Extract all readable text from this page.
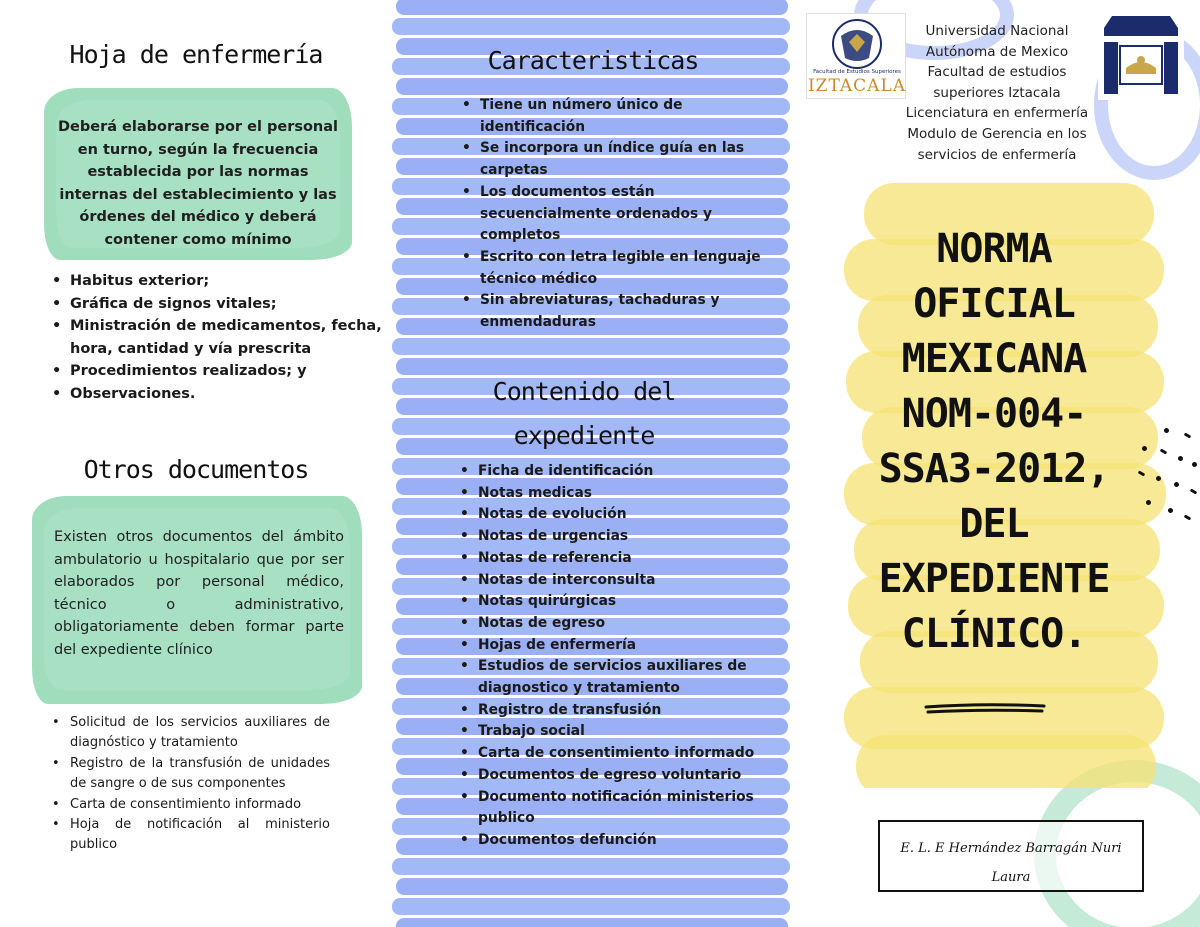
Hoja de enfermería

Deberá elaborarse por el personal en turno, según la frecuencia establecida por las normas internas del establecimiento y las órdenes del médico y deberá contener como mínimo

• Habitus exterior;
• Gráfica de signos vitales;
• Ministración de medicamentos, fecha, hora, cantidad y vía prescrita
• Procedimientos realizados; y
• Observaciones.
Otros documentos

Existen otros documentos del ámbito ambulatorio u hospitalario que por ser elaborados por personal médico, técnico o administrativo, obligatoriamente deben formar parte del expediente clínico

• Solicitud de los servicios auxiliares de diagnóstico y tratamiento
• Registro de la transfusión de unidades de sangre o de sus componentes
• Carta de consentimiento informado
• Hoja de notificación al ministerio publico
Caracteristicas
• Tiene un número único de identificación
• Se incorpora un índice guía en las carpetas
• Los documentos están secuencialmente ordenados y completos
• Escrito con letra legible en lenguaje técnico médico
• Sin abreviaturas, tachaduras y enmendaduras
Contenido del
expediente
• Ficha de identificación
• Notas medicas
• Notas de evolución
• Notas de urgencias
• Notas de referencia
• Notas de interconsulta
• Notas quirúrgicas
• Notas de egreso
• Hojas de enfermería
• Estudios de servicios auxiliares de diagnostico y tratamiento
• Registro de transfusión
• Trabajo social
• Carta de consentimiento informado
• Documentos de egreso voluntario
• Documento notificación ministerios publico
• Documentos defunción
NORMA
OFICIAL
MEXICANA
NOM-004-
SSA3-2012,
DEL
EXPEDIENTE
CLÍNICO.
E. L. E Hernández Barragán Nuri
Laura
Facultad de Estudios Superiores
IZTACALA
Universidad Nacional
Autónoma de Mexico
Facultad de estudios
superiores Iztacala
Licenciatura en enfermería
Modulo de Gerencia en los
servicios de enfermería
